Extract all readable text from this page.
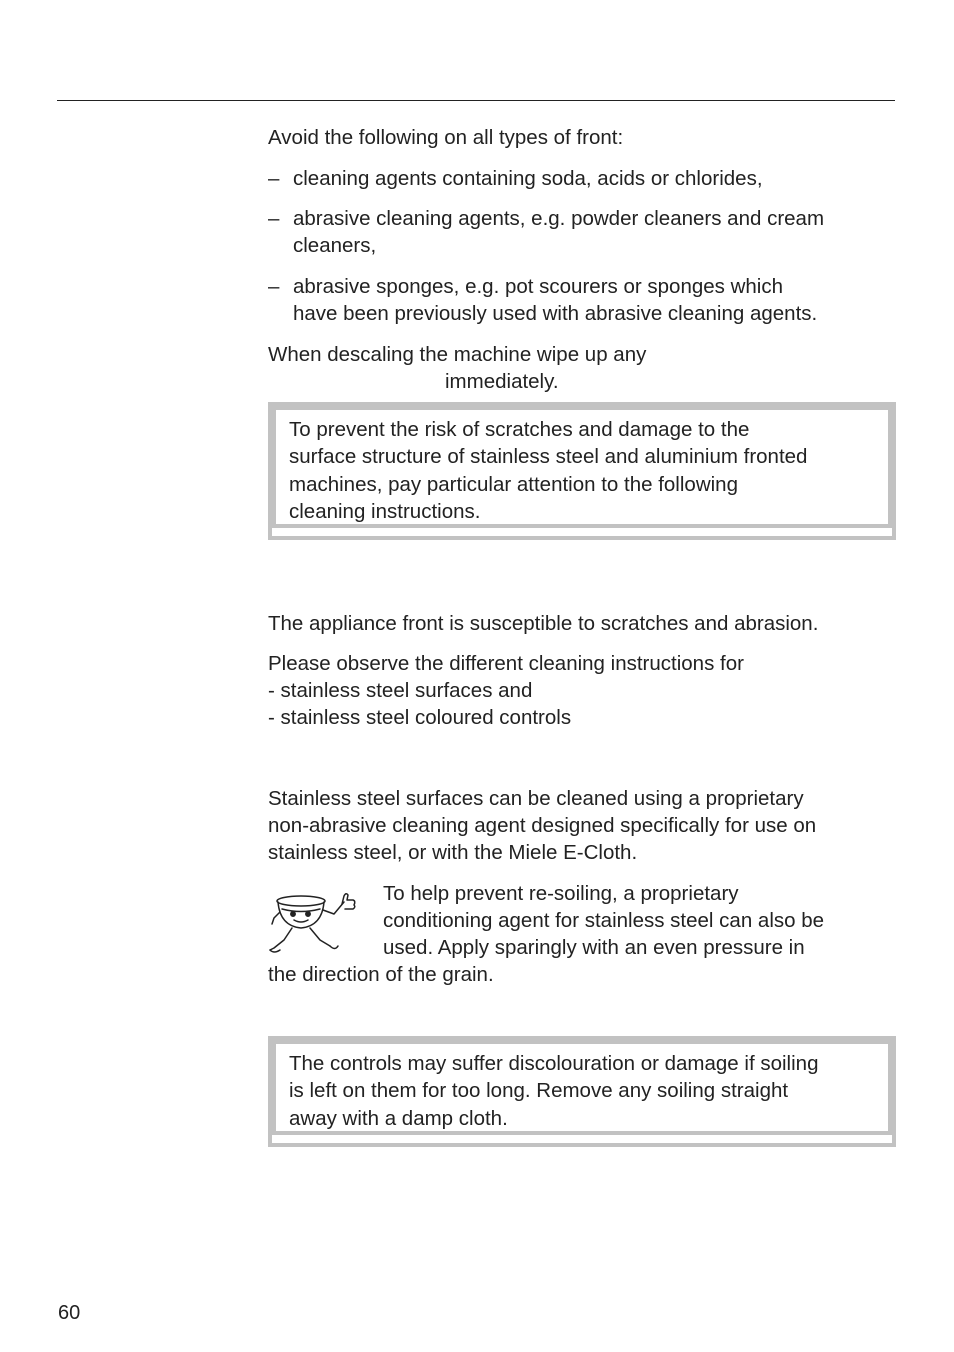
Avoid the following on all types of front:

– cleaning agents containing soda, acids or chlorides,
– abrasive cleaning agents, e.g. powder cleaners and cream
cleaners,
– abrasive sponges, e.g. pot scourers or sponges which
have been previously used with abrasive cleaning agents.

When descaling the machine wipe up any

immediately.

To prevent the risk of scratches and damage to the

surface structure of stainless steel and aluminium fronted

machines, pay particular attention to the following

cleaning instructions.

The appliance front is susceptible to scratches and abrasion.

Please observe the different cleaning instructions for

- stainless steel surfaces and

- stainless steel coloured controls

Stainless steel surfaces can be cleaned using a proprietary

non-abrasive cleaning agent designed specifically for use on

stainless steel, or with the Miele E-Cloth.

To help prevent re-soiling, a proprietary

conditioning agent for stainless steel can also be

used. Apply sparingly with an even pressure in

the direction of the grain.

The controls may suffer discolouration or damage if soiling

is left on them for too long. Remove any soiling straight

away with a damp cloth.

60
